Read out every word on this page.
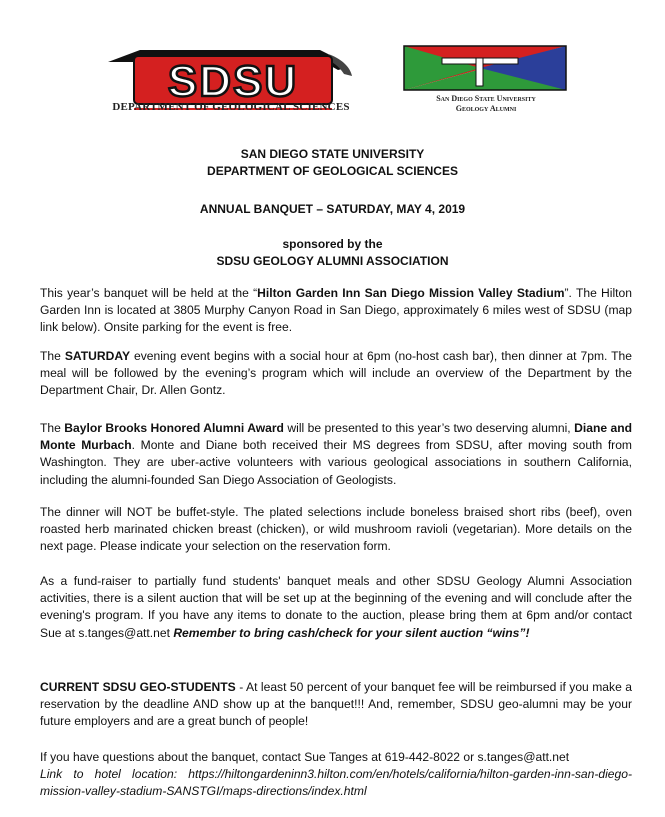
SDSU
DEPARTMENT OF GEOLOGICAL SCIENCES
San Diego State University
Geology Alumni
SAN DIEGO STATE UNIVERSITY
DEPARTMENT OF GEOLOGICAL SCIENCES
ANNUAL BANQUET – SATURDAY, MAY 4, 2019
sponsored by the
SDSU GEOLOGY ALUMNI ASSOCIATION

This year’s banquet will be held at the “Hilton Garden Inn San Diego Mission Valley Stadium”. The Hilton Garden Inn is located at 3805 Murphy Canyon Road in San Diego, approximately 6 miles west of SDSU (map link below). Onsite parking for the event is free.

The SATURDAY evening event begins with a social hour at 6pm (no-host cash bar), then dinner at 7pm. The meal will be followed by the evening’s program which will include an overview of the Department by the Department Chair, Dr. Allen Gontz.

The Baylor Brooks Honored Alumni Award will be presented to this year’s two deserving alumni, Diane and Monte Murbach. Monte and Diane both received their MS degrees from SDSU, after moving south from Washington. They are uber-active volunteers with various geological associations in southern California, including the alumni-founded San Diego Association of Geologists.

The dinner will NOT be buffet-style. The plated selections include boneless braised short ribs (beef), oven roasted herb marinated chicken breast (chicken), or wild mushroom ravioli (vegetarian). More details on the next page. Please indicate your selection on the reservation form.

As a fund-raiser to partially fund students' banquet meals and other SDSU Geology Alumni Association activities, there is a silent auction that will be set up at the beginning of the evening and will conclude after the evening's program. If you have any items to donate to the auction, please bring them at 6pm and/or contact Sue at s.tanges@att.net Remember to bring cash/check for your silent auction “wins”!

CURRENT SDSU GEO-STUDENTS - At least 50 percent of your banquet fee will be reimbursed if you make a reservation by the deadline AND show up at the banquet!!! And, remember, SDSU geo-alumni may be your future employers and are a great bunch of people!

If you have questions about the banquet, contact Sue Tanges at 619-442-8022 or s.tanges@att.net
Link to hotel location: https://hiltongardeninn3.hilton.com/en/hotels/california/hilton-garden-inn-san-diego-mission-valley-stadium-SANSTGI/maps-directions/index.html
